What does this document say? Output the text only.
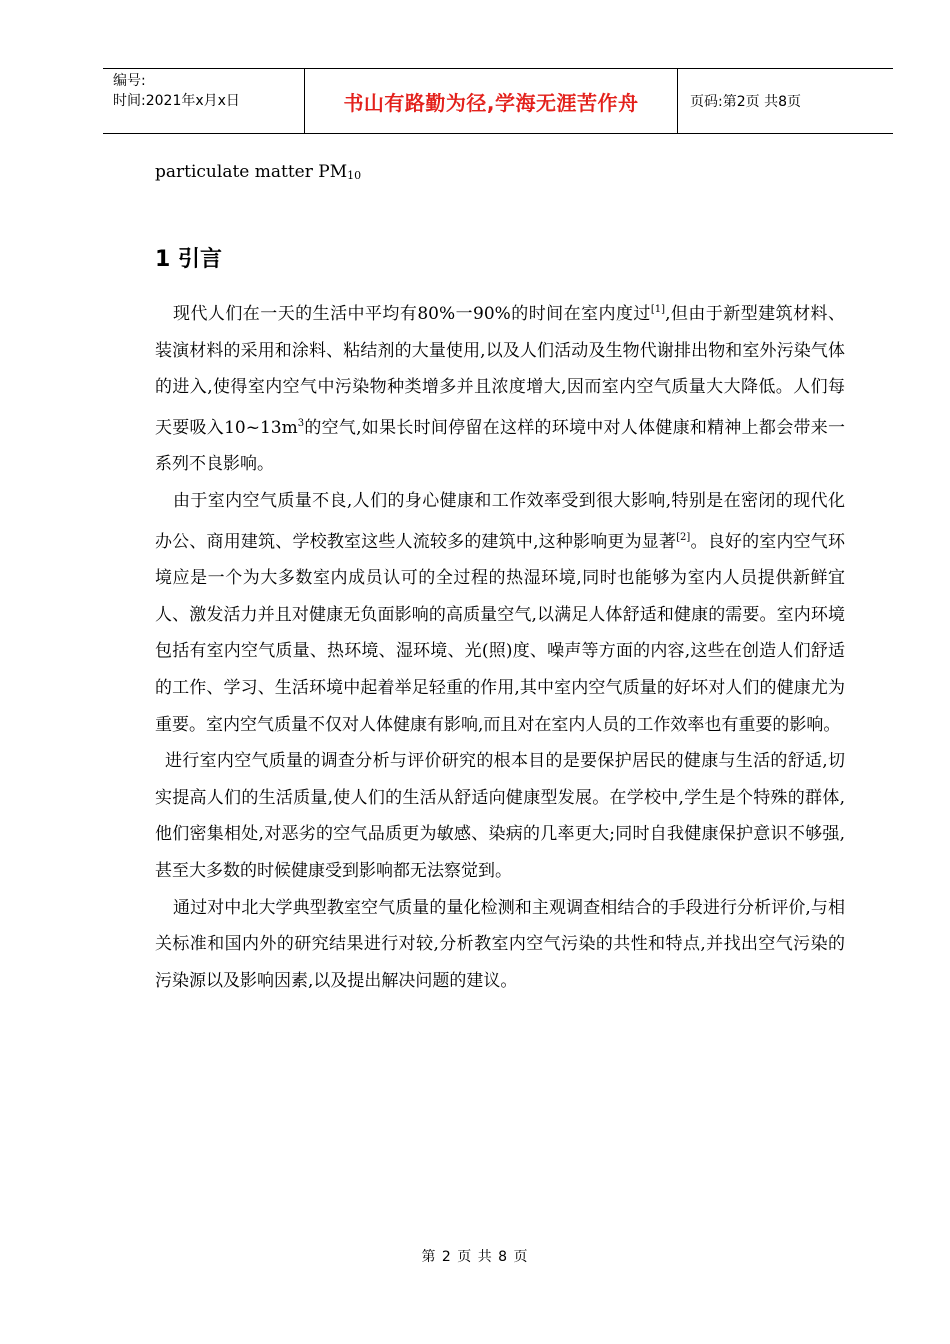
编号:
时间:2021年x月x日	书山有路勤为径,学海无涯苦作舟	页码:第2页 共8页
particulate matter $PM_{10}$
1 引言

现代人们在一天的生活中平均有80%一90%的时间在室内度过[1],但由于新型建筑材料、装演材料的采用和涂料、粘结剂的大量使用,以及人们活动及生物代谢排出物和室外污染气体的进入,使得室内空气中污染物种类增多并且浓度增大,因而室内空气质量大大降低。人们每天要吸入$10\sim 13m^3$的空气,如果长时间停留在这样的环境中对人体健康和精神上都会带来一系列不良影响。

由于室内空气质量不良,人们的身心健康和工作效率受到很大影响,特别是在密闭的现代化办公、商用建筑、学校教室这些人流较多的建筑中,这种影响更为显著[2]。良好的室内空气环境应是一个为大多数室内成员认可的全过程的热湿环境,同时也能够为室内人员提供新鲜宜人、激发活力并且对健康无负面影响的高质量空气,以满足人体舒适和健康的需要。室内环境包括有室内空气质量、热环境、湿环境、光(照)度、噪声等方面的内容,这些在创造人们舒适的工作、学习、生活环境中起着举足轻重的作用,其中室内空气质量的好坏对人们的健康尤为重要。室内空气质量不仅对人体健康有影响,而且对在室内人员的工作效率也有重要的影响。

进行室内空气质量的调查分析与评价研究的根本目的是要保护居民的健康与生活的舒适,切实提高人们的生活质量,使人们的生活从舒适向健康型发展。在学校中,学生是个特殊的群体,他们密集相处,对恶劣的空气品质更为敏感、染病的几率更大;同时自我健康保护意识不够强,甚至大多数的时候健康受到影响都无法察觉到。

通过对中北大学典型教室空气质量的量化检测和主观调查相结合的手段进行分析评价,与相关标准和国内外的研究结果进行对较,分析教室内空气污染的共性和特点,并找出空气污染的污染源以及影响因素,以及提出解决问题的建议。

第 2 页 共 8 页
